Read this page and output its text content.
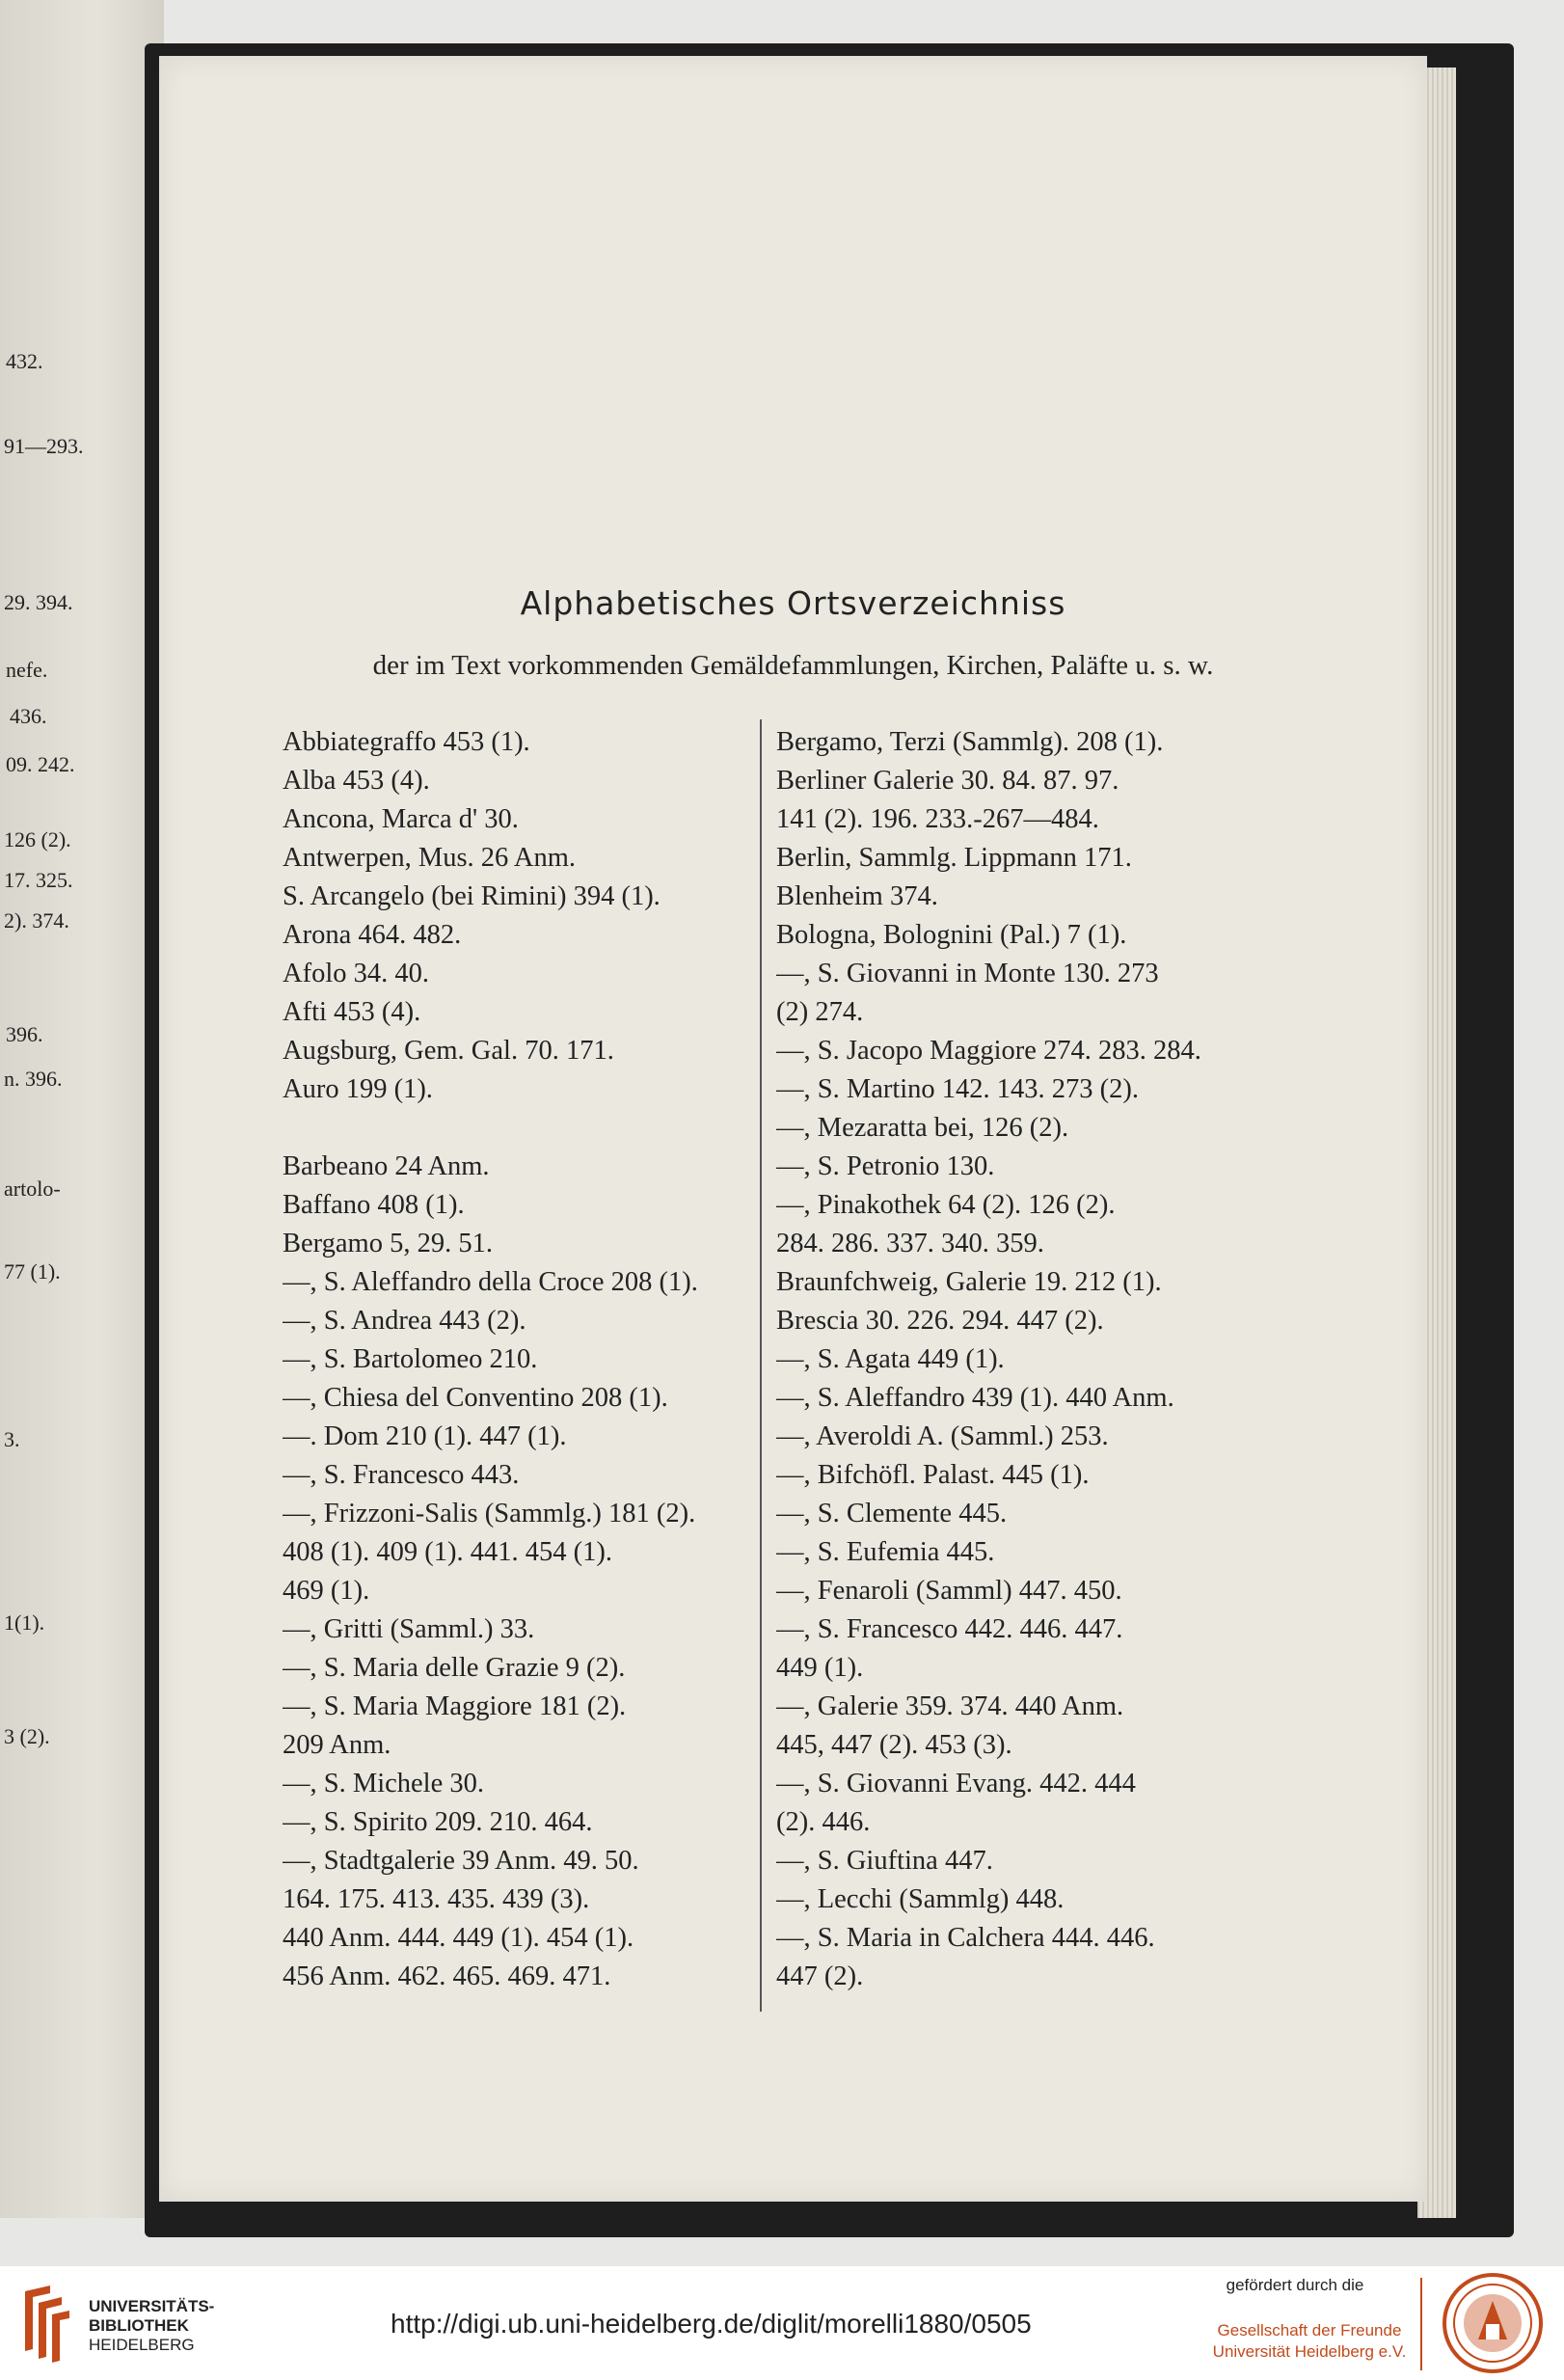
Alphabetisches Ortsverzeichniss
der im Text vorkommenden Gemäldefammlungen, Kirchen, Paläfte u. s. w.
Abbiategraffo 453 (1).
Alba 453 (4).
Ancona, Marca d' 30.
Antwerpen, Mus. 26 Anm.
S. Arcangelo (bei Rimini) 394 (1).
Arona 464. 482.
Afolo 34. 40.
Afti 453 (4).
Augsburg, Gem. Gal. 70. 171.
Auro 199 (1).
Barbeano 24 Anm.
Baffano 408 (1).
Bergamo 5, 29. 51.
—, S. Aleffandro della Croce 208 (1).
—, S. Andrea 443 (2).
—, S. Bartolomeo 210.
—, Chiesa del Conventino 208 (1).
—. Dom 210 (1). 447 (1).
—, S. Francesco 443.
—, Frizzoni-Salis (Sammlg.) 181 (2).
408 (1). 409 (1). 441. 454 (1).
469 (1).
—, Gritti (Samml.) 33.
—, S. Maria delle Grazie 9 (2).
—, S. Maria Maggiore 181 (2).
209 Anm.
—, S. Michele 30.
—, S. Spirito 209. 210. 464.
—, Stadtgalerie 39 Anm. 49. 50.
164. 175. 413. 435. 439 (3).
440 Anm. 444. 449 (1). 454 (1).
456 Anm. 462. 465. 469. 471.
Bergamo, Terzi (Sammlg). 208 (1).
Berliner Galerie 30. 84. 87. 97.
141 (2). 196. 233.-267—484.
Berlin, Sammlg. Lippmann 171.
Blenheim 374.
Bologna, Bolognini (Pal.) 7 (1).
—, S. Giovanni in Monte 130. 273
(2) 274.
—, S. Jacopo Maggiore 274. 283. 284.
—, S. Martino 142. 143. 273 (2).
—, Mezaratta bei, 126 (2).
—, S. Petronio 130.
—, Pinakothek 64 (2). 126 (2).
284. 286. 337. 340. 359.
Braunfchweig, Galerie 19. 212 (1).
Brescia 30. 226. 294. 447 (2).
—, S. Agata 449 (1).
—, S. Aleffandro 439 (1). 440 Anm.
—, Averoldi A. (Samml.) 253.
—, Bifchöfl. Palast. 445 (1).
—, S. Clemente 445.
—, S. Eufemia 445.
—, Fenaroli (Samml) 447. 450.
—, S. Francesco 442. 446. 447.
449 (1).
—, Galerie 359. 374. 440 Anm.
445, 447 (2). 453 (3).
—, S. Giovanni Evang. 442. 444
(2). 446.
—, S. Giuftina 447.
—, Lecchi (Sammlg) 448.
—, S. Maria in Calchera 444. 446.
447 (2).
432.
91—293.
29. 394.
nefe.
436.
09. 242.
126 (2).
17. 325.
2). 374.
396.
n. 396.
artolo-
77 (1).
3.
1(1).
3 (2).
UNIVERSITÄTS-
BIBLIOTHEK
HEIDELBERG
http://digi.ub.uni-heidelberg.de/diglit/morelli1880/0505
gefördert durch die
Gesellschaft der Freunde
Universität Heidelberg e.V.
